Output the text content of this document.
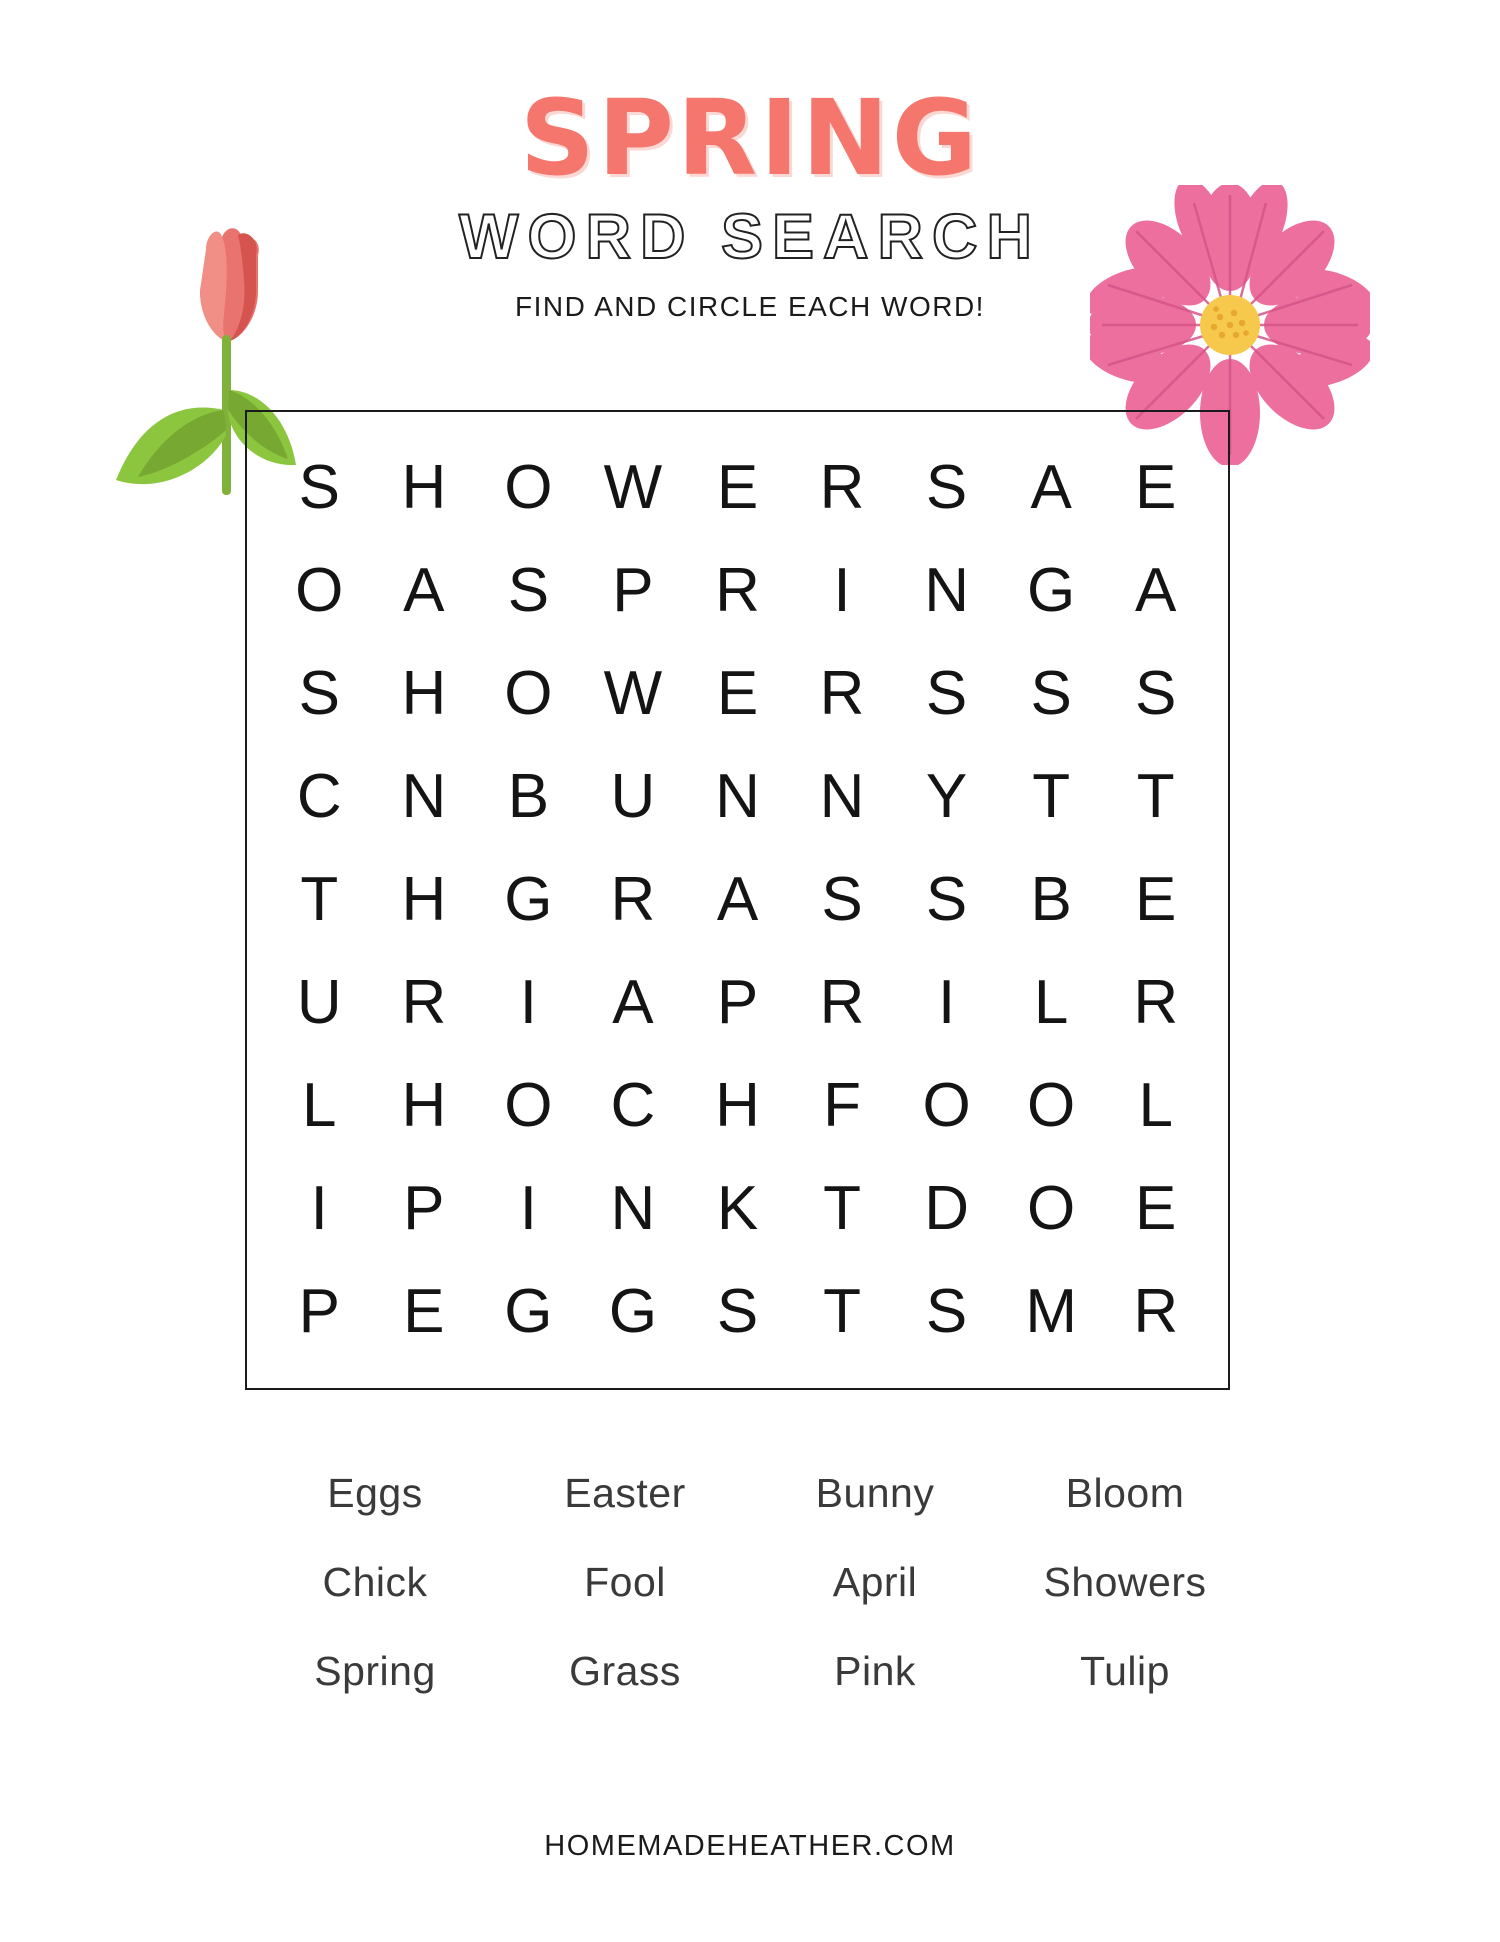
SPRING
WORD SEARCH

FIND AND CIRCLE EACH WORD!

S H O W E R S A E
O A S P R I N G A
S H O W E R S S S
C N B U N N Y T T
T H G R A S S B E
U R I A P R I L R
L H O C H F O O L
I P I N K T D O E
P E G G S T S M R
Eggs	Easter	Bunny	Bloom
Chick	Fool	April	Showers
Spring	Grass	Pink	Tulip
HOMEMADEHEATHER.COM
